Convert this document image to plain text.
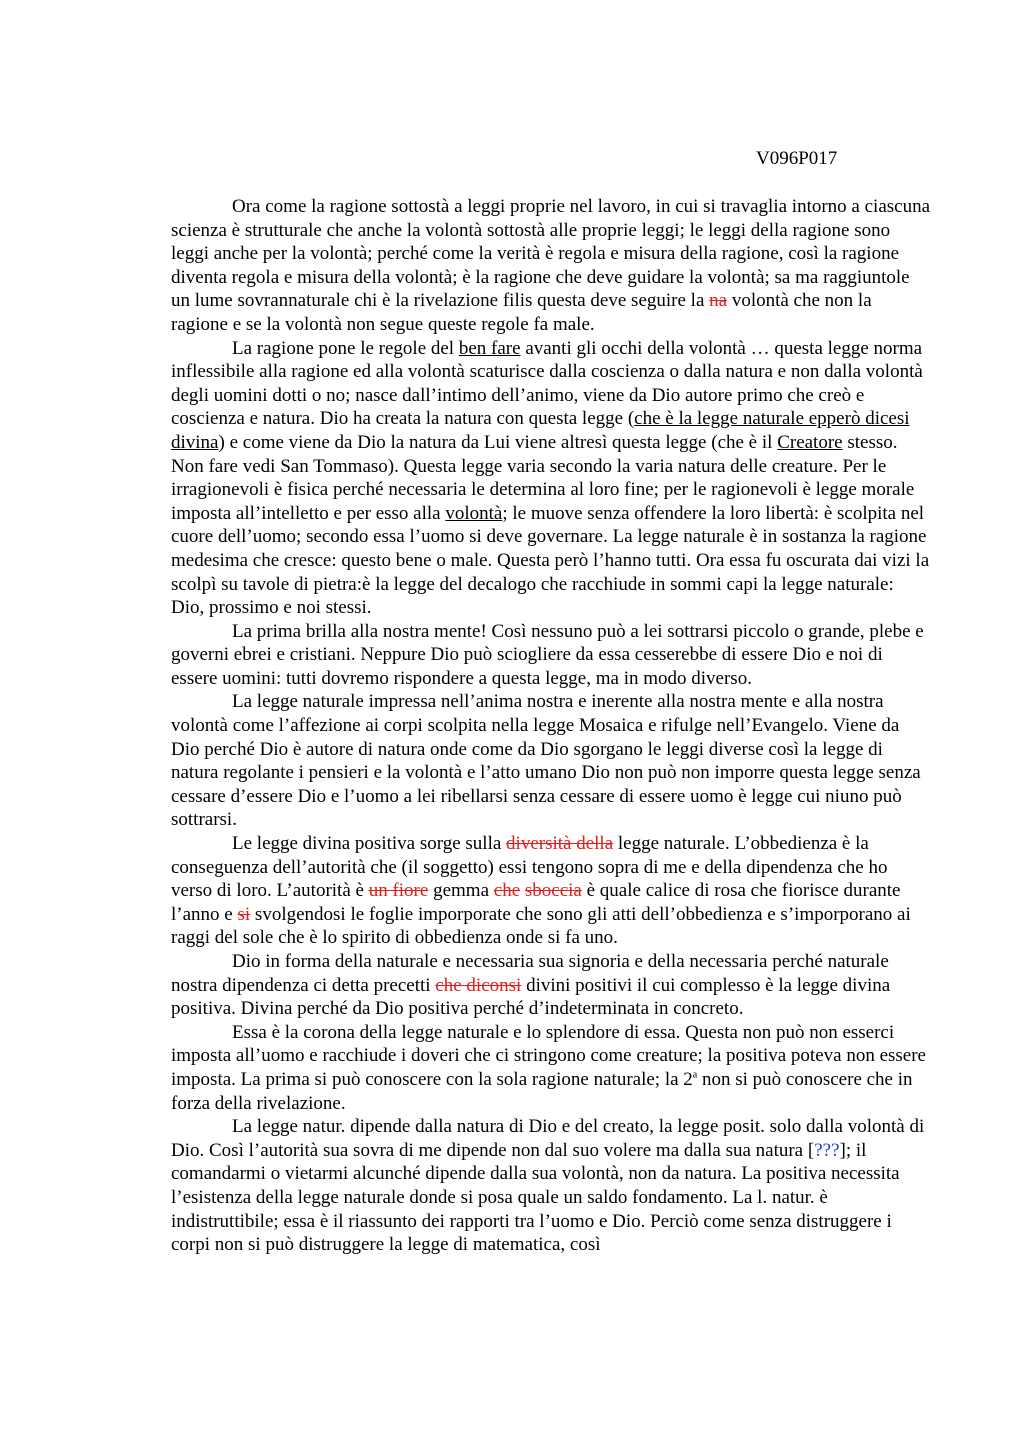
V096P017

Ora come la ragione sottostà a leggi proprie nel lavoro, in cui si travaglia intorno a ciascuna scienza è strutturale che anche la volontà sottostà alle proprie leggi; le leggi della ragione sono leggi anche per la volontà; perché come la verità è regola e misura della ragione, così la ragione diventa regola e misura della volontà; è la ragione che deve guidare la volontà; sa ma raggiuntole un lume sovrannaturale chi è la rivelazione filis questa deve seguire la na volontà che non la ragione e se la volontà non segue queste regole fa male.

La ragione pone le regole del ben fare avanti gli occhi della volontà … questa legge norma inflessibile alla ragione ed alla volontà scaturisce dalla coscienza o dalla natura e non dalla volontà degli uomini dotti o no; nasce dall’intimo dell’animo, viene da Dio autore primo che creò e coscienza e natura. Dio ha creata la natura con questa legge (che è la legge naturale epperò dicesi divina) e come viene da Dio la natura da Lui viene altresì questa legge (che è il Creatore stesso. Non fare vedi San Tommaso). Questa legge varia secondo la varia natura delle creature. Per le irragionevoli è fisica perché necessaria le determina al loro fine; per le ragionevoli è legge morale imposta all’intelletto e per esso alla volontà; le muove senza offendere la loro libertà: è scolpita nel cuore dell’uomo; secondo essa l’uomo si deve governare. La legge naturale è in sostanza la ragione medesima che cresce: questo bene o male. Questa però l’hanno tutti. Ora essa fu oscurata dai vizi la scolpì su tavole di pietra:è la legge del decalogo che racchiude in sommi capi la legge naturale: Dio, prossimo e noi stessi.

La prima brilla alla nostra mente! Così nessuno può a lei sottrarsi piccolo o grande, plebe e governi ebrei e cristiani. Neppure Dio può sciogliere da essa cesserebbe di essere Dio e noi di essere uomini: tutti dovremo rispondere a questa legge, ma in modo diverso.

La legge naturale impressa nell’anima nostra e inerente alla nostra mente e alla nostra volontà come l’affezione ai corpi scolpita nella legge Mosaica e rifulge nell’Evangelo. Viene da Dio perché Dio è autore di natura onde come da Dio sgorgano le leggi diverse così la legge di natura regolante i pensieri e la volontà e l’atto umano Dio non può non imporre questa legge senza cessare d’essere Dio e l’uomo a lei ribellarsi senza cessare di essere uomo è legge cui niuno può sottrarsi.

Le legge divina positiva sorge sulla diversità della legge naturale. L’obbedienza è la conseguenza dell’autorità che (il soggetto) essi tengono sopra di me e della dipendenza che ho verso di loro. L’autorità è un fiore gemma che sboccia è quale calice di rosa che fiorisce durante l’anno e si svolgendosi le foglie imporporate che sono gli atti dell’obbedienza e s’imporporano ai raggi del sole che è lo spirito di obbedienza onde si fa uno.

Dio in forma della naturale e necessaria sua signoria e della necessaria perché naturale nostra dipendenza ci detta precetti che diconsi divini positivi il cui complesso è la legge divina positiva. Divina perché da Dio positiva perché d’indeterminata in concreto.

Essa è la corona della legge naturale e lo splendore di essa. Questa non può non esserci imposta all’uomo e racchiude i doveri che ci stringono come creature; la positiva poteva non essere imposta. La prima si può conoscere con la sola ragione naturale; la 2$^a$ non si può conoscere che in forza della rivelazione.

La legge natur. dipende dalla natura di Dio e del creato, la legge posit. solo dalla volontà di Dio. Così l’autorità sua sovra di me dipende non dal suo volere ma dalla sua natura [???]; il comandarmi o vietarmi alcunché dipende dalla sua volontà, non da natura. La positiva necessita l’esistenza della legge naturale donde si posa quale un saldo fondamento. La l. natur. è indistruttibile; essa è il riassunto dei rapporti tra l’uomo e Dio. Perciò come senza distruggere i corpi non si può distruggere la legge di matematica, così
